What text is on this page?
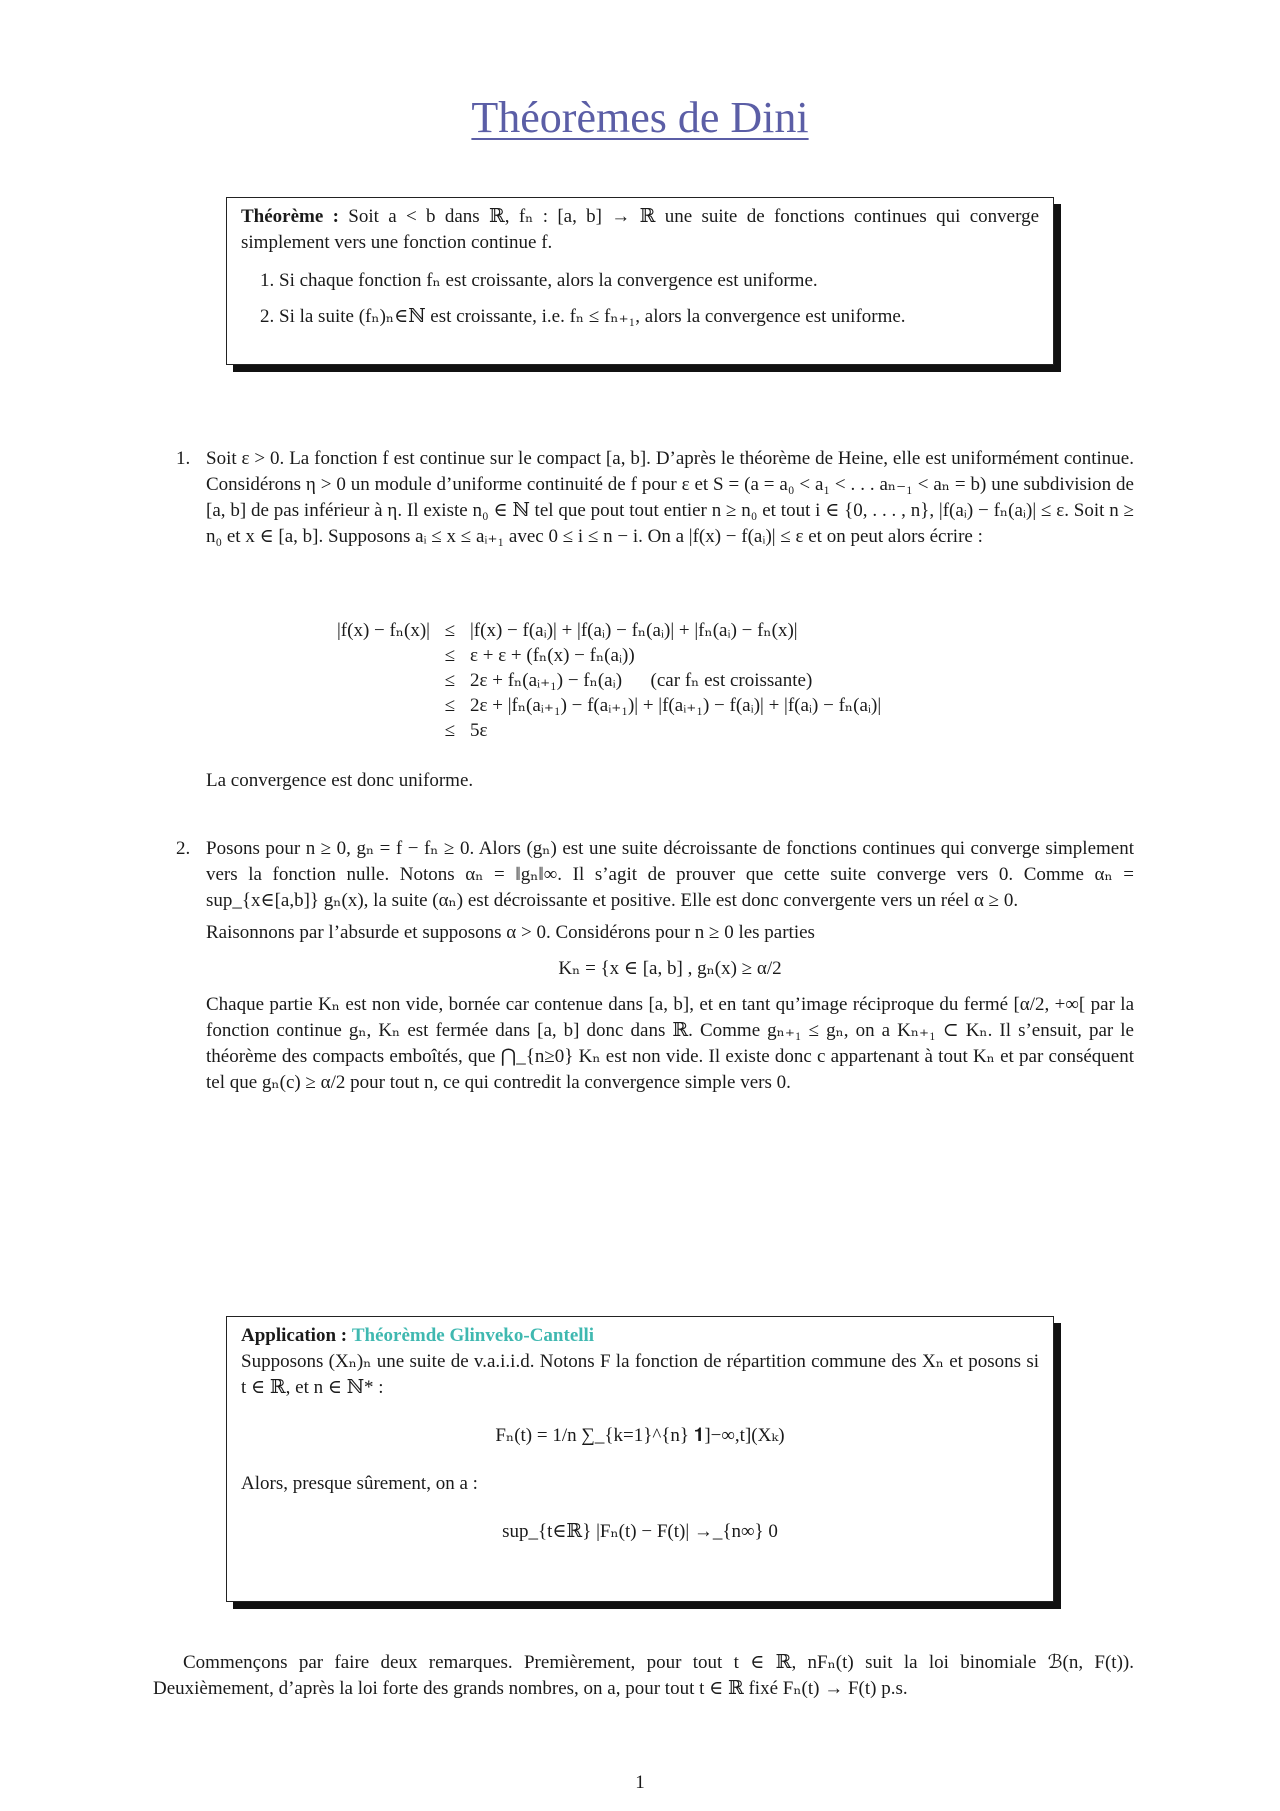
Théorèmes de Dini

Théorème : Soit a < b dans ℝ, fₙ : [a, b] → ℝ une suite de fonctions continues qui converge simplement vers une fonction continue f.

1. Si chaque fonction fₙ est croissante, alors la convergence est uniforme.
2. Si la suite (fₙ)ₙ∈ℕ est croissante, i.e. fₙ ≤ fₙ₊₁, alors la convergence est uniforme.
1. Soit ε > 0. La fonction f est continue sur le compact [a, b]. D’après le théorème de Heine, elle est uniformément continue. Considérons η > 0 un module d’uniforme continuité de f pour ε et S = (a = a₀ < a₁ < . . . aₙ₋₁ < aₙ = b) une subdivision de [a, b] de pas inférieur à η. Il existe n₀ ∈ ℕ tel que pout tout entier n ≥ n₀ et tout i ∈ {0, . . . , n}, |f(aᵢ) − fₙ(aᵢ)| ≤ ε. Soit n ≥ n₀ et x ∈ [a, b]. Supposons aᵢ ≤ x ≤ aᵢ₊₁ avec 0 ≤ i ≤ n − i. On a |f(x) − f(aᵢ)| ≤ ε et on peut alors écrire :

|f(x) − fₙ(x)| ≤ |f(x) − f(aᵢ)| + |f(aᵢ) − fₙ(aᵢ)| + |fₙ(aᵢ) − fₙ(x)|
≤ ε + ε + (fₙ(x) − fₙ(aᵢ))
≤ 2ε + fₙ(aᵢ₊₁) − fₙ(aᵢ)      (car fₙ est croissante)
≤ 2ε + |fₙ(aᵢ₊₁) − f(aᵢ₊₁)| + |f(aᵢ₊₁) − f(aᵢ)| + |f(aᵢ) − fₙ(aᵢ)|
≤ 5ε

La convergence est donc uniforme.

2. Posons pour n ≥ 0, gₙ = f − fₙ ≥ 0. Alors (gₙ) est une suite décroissante de fonctions continues qui converge simplement vers la fonction nulle. Notons αₙ = ‖gₙ‖∞. Il s’agit de prouver que cette suite converge vers 0. Comme αₙ = sup_{x∈[a,b]} gₙ(x), la suite (αₙ) est décroissante et positive. Elle est donc convergente vers un réel α ≥ 0.

Raisonnons par l’absurde et supposons α > 0. Considérons pour n ≥ 0 les parties

Kₙ = {x ∈ [a, b] , gₙ(x) ≥ α/2

Chaque partie Kₙ est non vide, bornée car contenue dans [a, b], et en tant qu’image réciproque du fermé [α/2, +∞[ par la fonction continue gₙ, Kₙ est fermée dans [a, b] donc dans ℝ. Comme gₙ₊₁ ≤ gₙ, on a Kₙ₊₁ ⊂ Kₙ. Il s’ensuit, par le théorème des compacts emboîtés, que ⋂_{n≥0} Kₙ est non vide. Il existe donc c appartenant à tout Kₙ et par conséquent tel que gₙ(c) ≥ α/2 pour tout n, ce qui contredit la convergence simple vers 0.

Application : Théorèmde Glinveko-Cantelli

Supposons (Xₙ)ₙ une suite de v.a.i.i.d. Notons F la fonction de répartition commune des Xₙ et posons si t ∈ ℝ, et n ∈ ℕ* :

Fₙ(t) = 1/n ∑_{k=1}^{n} 𝟏]−∞,t](Xₖ)

Alors, presque sûrement, on a :

sup_{t∈ℝ} |Fₙ(t) − F(t)| →_{n∞} 0
Commençons par faire deux remarques. Premièrement, pour tout t ∈ ℝ, nFₙ(t) suit la loi binomiale ℬ(n, F(t)). Deuxièmement, d’après la loi forte des grands nombres, on a, pour tout t ∈ ℝ fixé Fₙ(t) → F(t) p.s.
1
